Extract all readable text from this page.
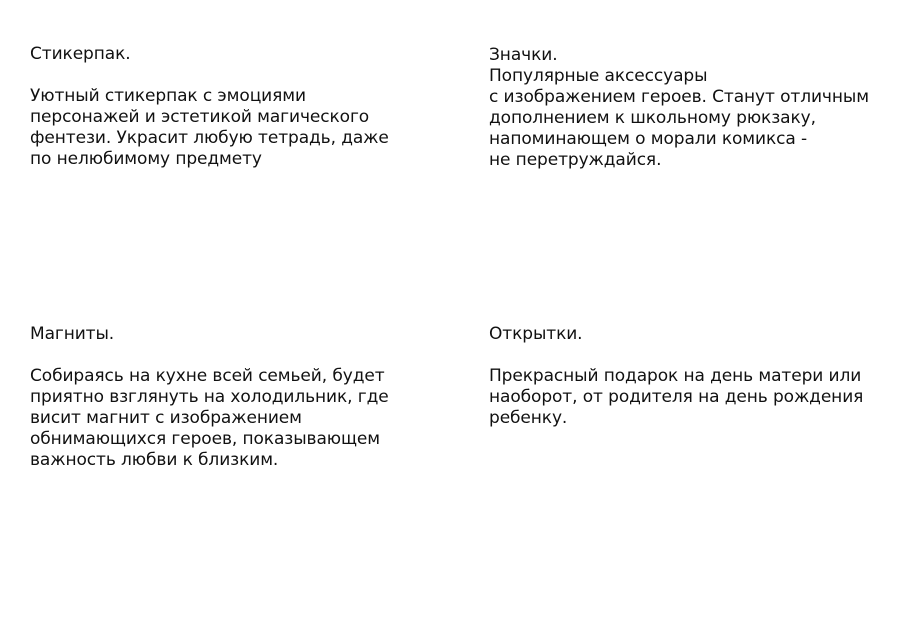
Стикерпак.

Уютный стикерпак с эмоциями
персонажей и эстетикой магического
фентези. Украсит любую тетрадь, даже
по нелюбимому предмету

Значки.

Популярные аксессуары
с изображением героев. Станут отличным
дополнением к школьному рюкзаку,
напоминающем о морали комикса -
не перетруждайся.

Магниты.

Собираясь на кухне всей семьей, будет
приятно взглянуть на холодильник, где
висит магнит с изображением
обнимающихся героев, показывающем
важность любви к близким.

Открытки.

Прекрасный подарок на день матери или
наоборот, от родителя на день рождения
ребенку.
